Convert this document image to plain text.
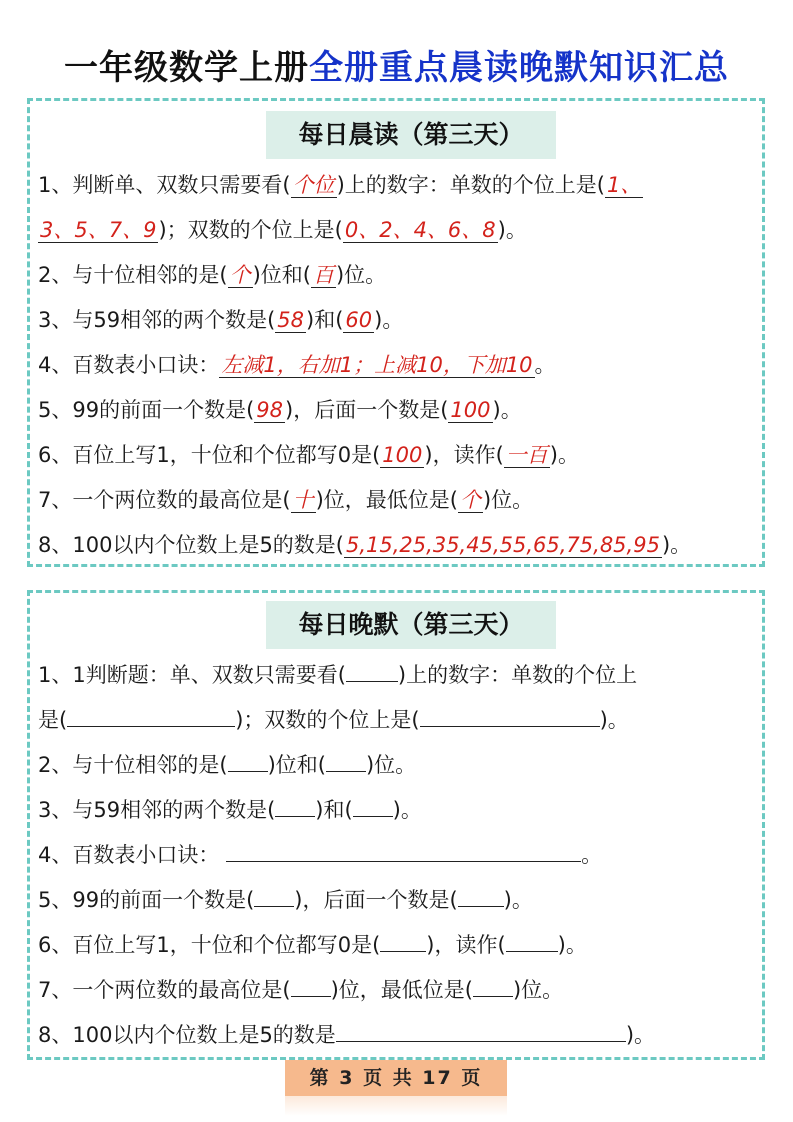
一年级数学上册全册重点晨读晚默知识汇总
每日晨读（第三天）
1、判断单、双数只需要看(个位)上的数字：单数的个位上是(1、
3、5、7、9)；双数的个位上是(0、2、4、6、8)。
2、与十位相邻的是(个)位和(百)位。
3、与59相邻的两个数是(58)和(60)。
4、百数表小口诀：左减1，右加1；上减10，下加10。
5、99的前面一个数是(98)，后面一个数是(100)。
6、百位上写1，十位和个位都写0是(100)，读作(一百)。
7、一个两位数的最高位是(十)位，最低位是(个)位。
8、100以内个位数上是5的数是(5,15,25,35,45,55,65,75,85,95)。
每日晚默（第三天）
1、1判断题：单、双数只需要看( )上的数字：单数的个位上
是(	)；双数的个位上是(	)。
2、与十位相邻的是( )位和( )位。
3、与59相邻的两个数是( )和( )。
4、百数表小口诀：	。
5、99的前面一个数是( )，后面一个数是( )。
6、百位上写1，十位和个位都写0是( )，读作( )。
7、一个两位数的最高位是( )位，最低位是( )位。
8、100以内个位数上是5的数是	)。
第 3 页 共 17 页
